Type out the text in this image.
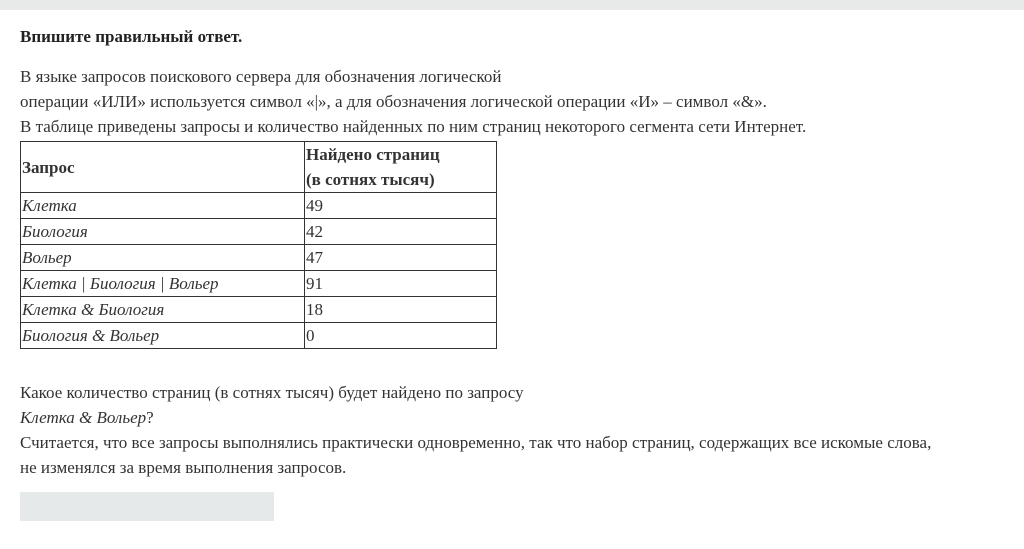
Впишите правильный ответ.
В языке запросов поискового сервера для обозначения логической
операции «ИЛИ» используется символ «|», а для обозначения логической операции «И» – символ «&».
В таблице приведены запросы и количество найденных по ним страниц некоторого сегмента сети Интернет.
Запрос	Найдено страниц
(в сотнях тысяч)
Клетка	49
Биология	42
Вольер	47
Клетка | Биология | Вольер	91
Клетка & Биология	18
Биология & Вольер	0
Какое количество страниц (в сотнях тысяч) будет найдено по запросу
Клетка & Вольер?
Считается, что все запросы выполнялись практически одновременно, так что набор страниц, содержащих все искомые слова,
не изменялся за время выполнения запросов.
